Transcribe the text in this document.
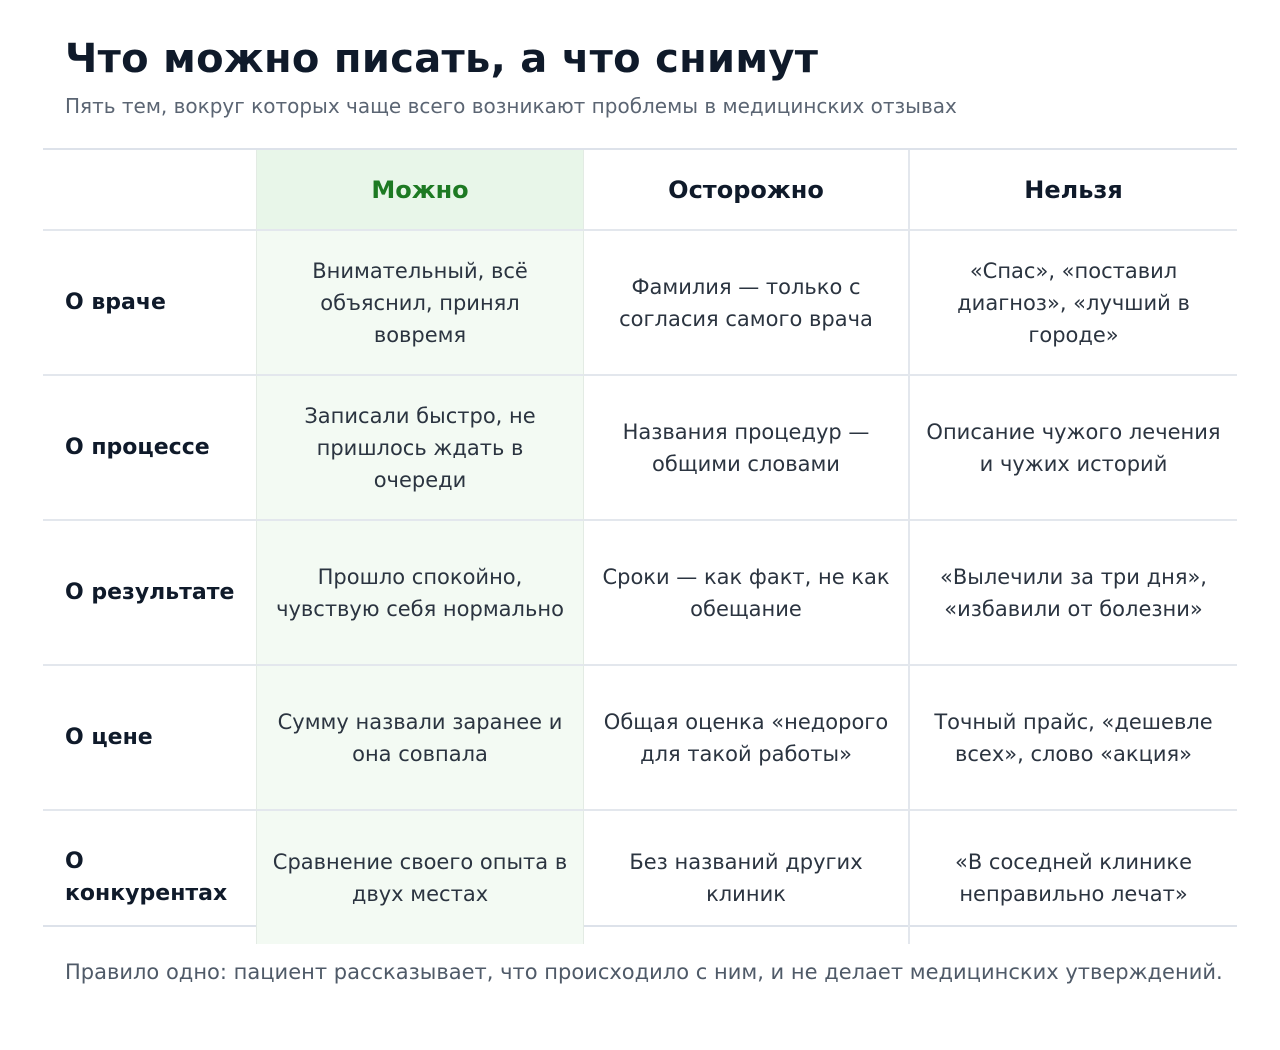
Что можно писать, а что снимут

Пять тем, вокруг которых чаще всего возникают проблемы в медицинских отзывах

Можно	Осторожно	Нельзя
О враче
Внимательный, всё объяснил, принял вовремя
Фамилия — только с согласия самого врача
«Спас», «поставил диагноз», «лучший в городе»
О процессе
Записали быстро, не пришлось ждать в очереди
Названия процедур — общими словами
Описание чужого лечения и чужих историй
О результате
Прошло спокойно, чувствую себя нормально
Сроки — как факт, не как обещание
«Вылечили за три дня», «избавили от болезни»
О цене
Сумму назвали заранее и она совпала
Общая оценка «недорого для такой работы»
Точный прайс, «дешевле всех», слово «акция»
О конкурентах
Сравнение своего опыта в двух местах
Без названий других клиник
«В соседней клинике неправильно лечат»

Правило одно: пациент рассказывает, что происходило с ним, и не делает медицинских утверждений.
